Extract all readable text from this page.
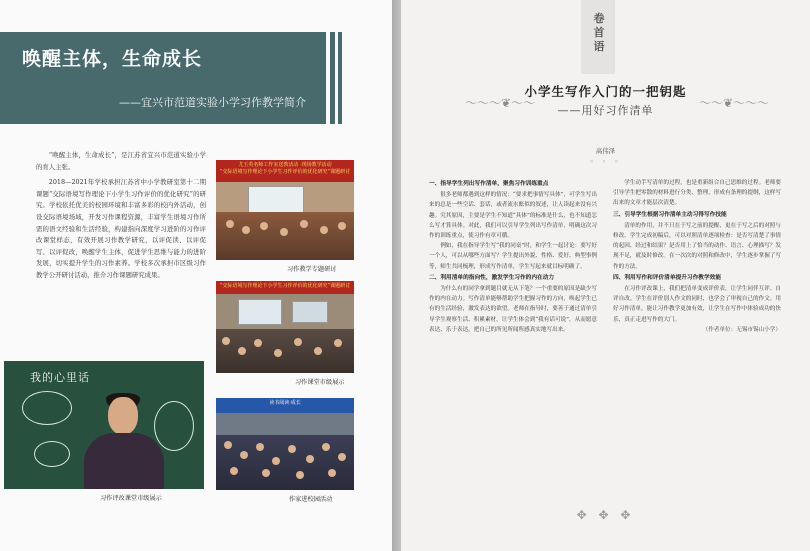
唤醒主体，生命成长
——宜兴市范道实验小学习作教学简介

“唤醒主体，生命成长”，是江苏省宜兴市范道实验小学的育人主张。

2018—2021年学校承担江苏省中小学教研室第十二期课题“交际语境写作理论下小学生习作评价的优化研究”的研究。学校依托优美的校园环境和丰富多彩的校内外活动，创设交际语境场域，开发习作课程资源，丰富学生语境习作所需的语文经验和生活经验，构建指向深度学习进阶的习作评改课堂样态，有效开展习作教学研究，以评促读、以评促写、以评促改，唤醒学生主体，促进学生思维与能力的进阶发展，切实提升学生的习作素养。学校多次承担市区级习作教学公开研讨活动，推介习作课题研究成果。

尤玉英名师工作室送教活动 ·现场教学活动
“交际语境写作理论下小学生习作评价的优化研究”课题研讨
习作教学专题研讨
我的心里话
习作评改课堂市级展示
“交际语境写作理论下小学生习作评价的优化研究”课题研讨
习作课堂市级展示
读书阅读·成长
作家进校园活动
卷首语
～～～❦～～	～～❦～～～
小学生写作入门的一把钥匙
——用好习作清单
高伟泽
◦ ◦ ◦
一、指导学生列出写作清单，聚焦习作训练重点

很多老师都遇到这样的情况：“要求把事情写具体”，可学生写出来的总是一些空话、套话，或者流水账似的叙述，让人读起来没有兴趣。究其原因，主要是学生不知道“具体”的标准是什么，也不知道怎么写才算具体。对此，我们可以引导学生列出写作清单，明确这次习作的训练重点，使习作有章可循。

例如，我在指导学生写“我的同桌”时，和学生一起讨论：要写好一个人，可以从哪些方面写？学生提出外貌、性格、爱好、典型事例等，师生共同梳理，形成写作清单，学生写起来就目标明确了。

二、利用清单的指向性，激发学生习作的内在动力

为什么有的同学拿到题目就无从下笔？一个重要的原因是缺少写作的内在动力。写作清单能够帮助学生把握习作的方向，唤起学生已有的生活经验，激发表达的欲望。老师在指导时，要善于通过清单引导学生观察生活、积累素材，让学生体会到“我有话可说”，从而愿意表达、乐于表达，把自己的所见所闻所感真实地写出来。

学生动手写清单的过程，也是重新组合自己思维的过程。老师要引导学生把零散的材料进行分类、整理，形成有条理的提纲，这样写出来的文章才能层次清楚。

三、引导学生根据习作清单主动习得写作技能

清单的作用，并不只在于写之前的提醒，更在于写之后的对照与修改。学生完成初稿后，可以对照清单逐项检查：是否写清楚了事情的起因、经过和结果？是否用上了恰当的动作、语言、心理描写？发现不足，就及时修改。在一次次的对照和修改中，学生逐步掌握了写作的方法。

四、利用写作和评价清单提升习作教学效能

在习作评改课上，我们把清单变成评价表，让学生同伴互评、自评自改。学生在评价别人作文的同时，也学会了审视自己的作文。用好习作清单，能让习作教学更加有效，让学生在写作中体验成功的快乐，真正走进写作的大门。

（作者单位：无锡市锡山小学）
✥ ✥ ✥
